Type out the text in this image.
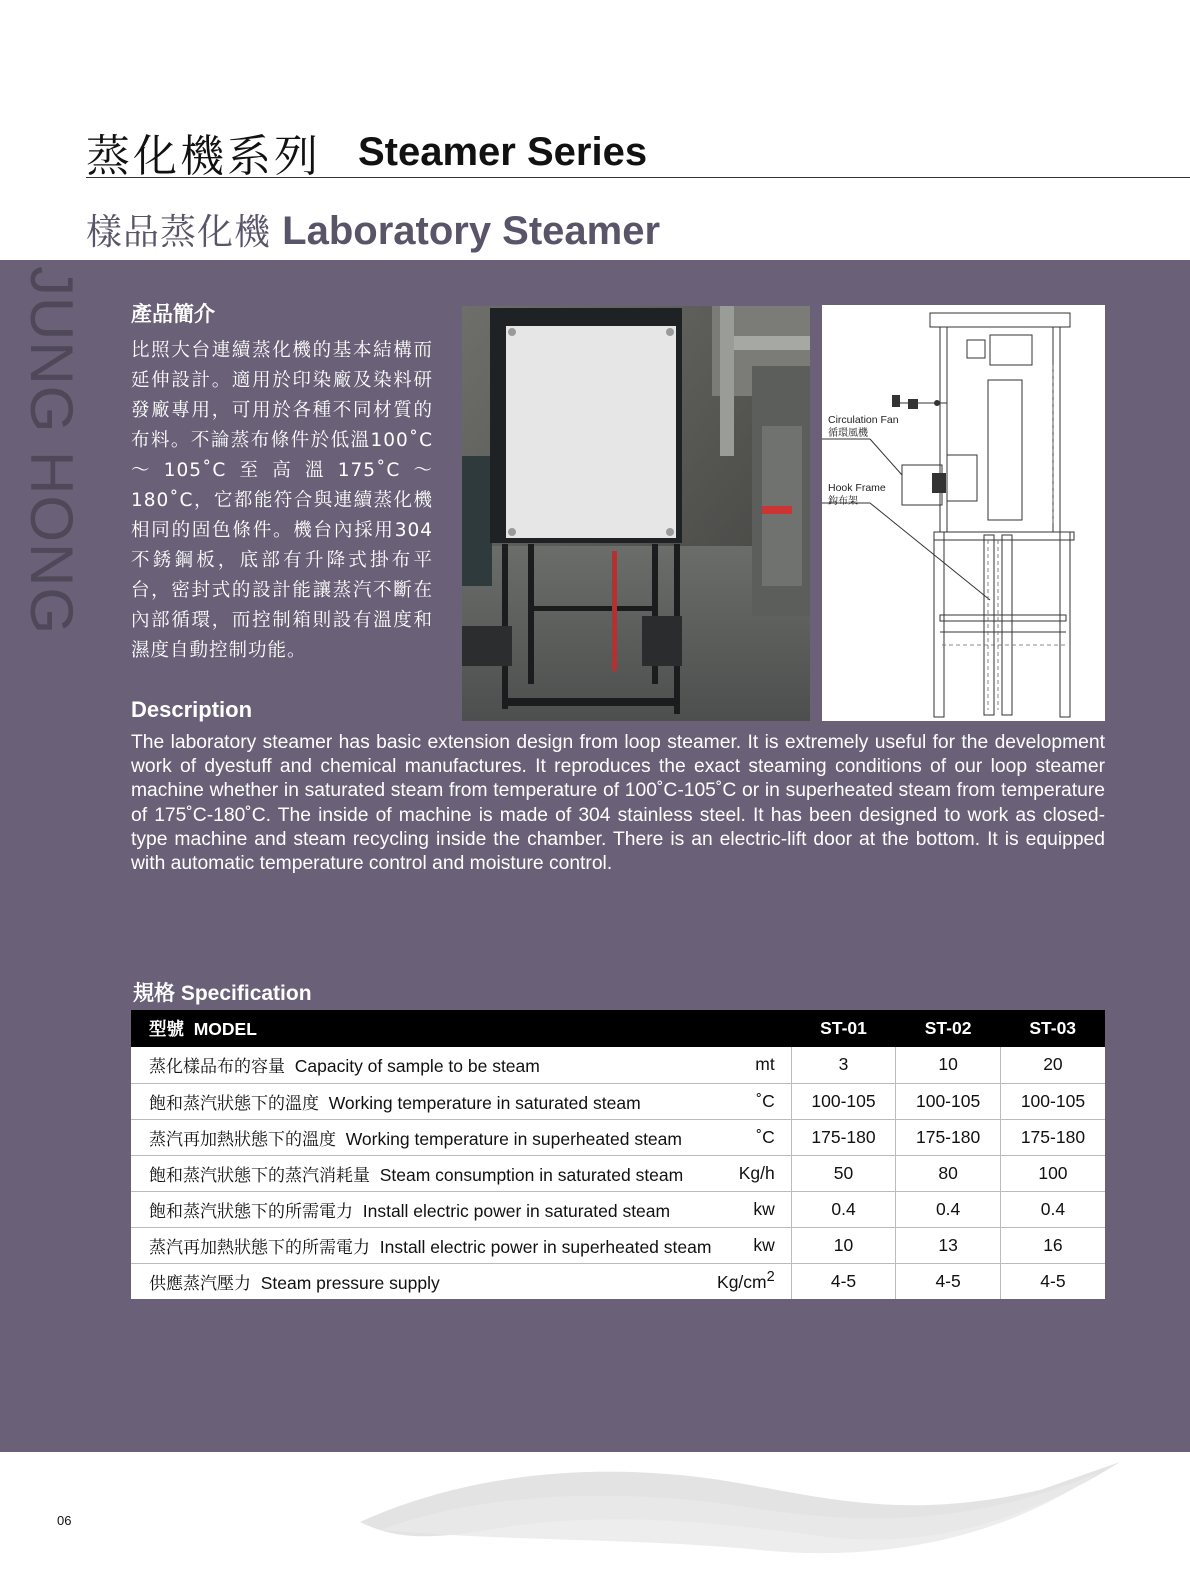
蒸化機系列 Steamer Series
樣品蒸化機 Laboratory Steamer
JUNG HONG 產品簡介
比照大台連續蒸化機的基本結構而延伸設計。適用於印染廠及染料研發廠專用，可用於各種不同材質的布料。不論蒸布條件於低溫100˚C～105˚C至高溫175˚C～180˚C，它都能符合與連續蒸化機相同的固色條件。機台內採用304不銹鋼板，底部有升降式掛布平台，密封式的設計能讓蒸汽不斷在內部循環，而控制箱則設有溫度和濕度自動控制功能。
Circulation Fan
循環風機
Hook Frame
鈎布架
Description
The laboratory steamer has basic extension design from loop steamer. It is extremely useful for the development work of dyestuff and chemical manufactures. It reproduces the exact steaming conditions of our loop steamer machine whether in saturated steam from temperature of 100˚C-105˚C or in superheated steam from temperature of 175˚C-180˚C. The inside of machine is made of 304 stainless steel. It has been designed to work as closed-type machine and steam recycling inside the chamber. There is an electric-lift door at the bottom. It is equipped with automatic temperature control and moisture control.
規格 Specification
型號 MODEL		ST-01	ST-02	ST-03
蒸化樣品布的容量 Capacity of sample to be steam	mt	3	10	20
飽和蒸汽狀態下的溫度 Working temperature in saturated steam	˚C	100-105	100-105	100-105
蒸汽再加熱狀態下的溫度 Working temperature in superheated steam	˚C	175-180	175-180	175-180
飽和蒸汽狀態下的蒸汽消耗量 Steam consumption in saturated steam	Kg/h	50	80	100
飽和蒸汽狀態下的所需電力 Install electric power in saturated steam	kw	0.4	0.4	0.4
蒸汽再加熱狀態下的所需電力 Install electric power in superheated steam	kw	10	13	16
供應蒸汽壓力 Steam pressure supply	$Kg/cm^2$	4-5	4-5	4-5
06
